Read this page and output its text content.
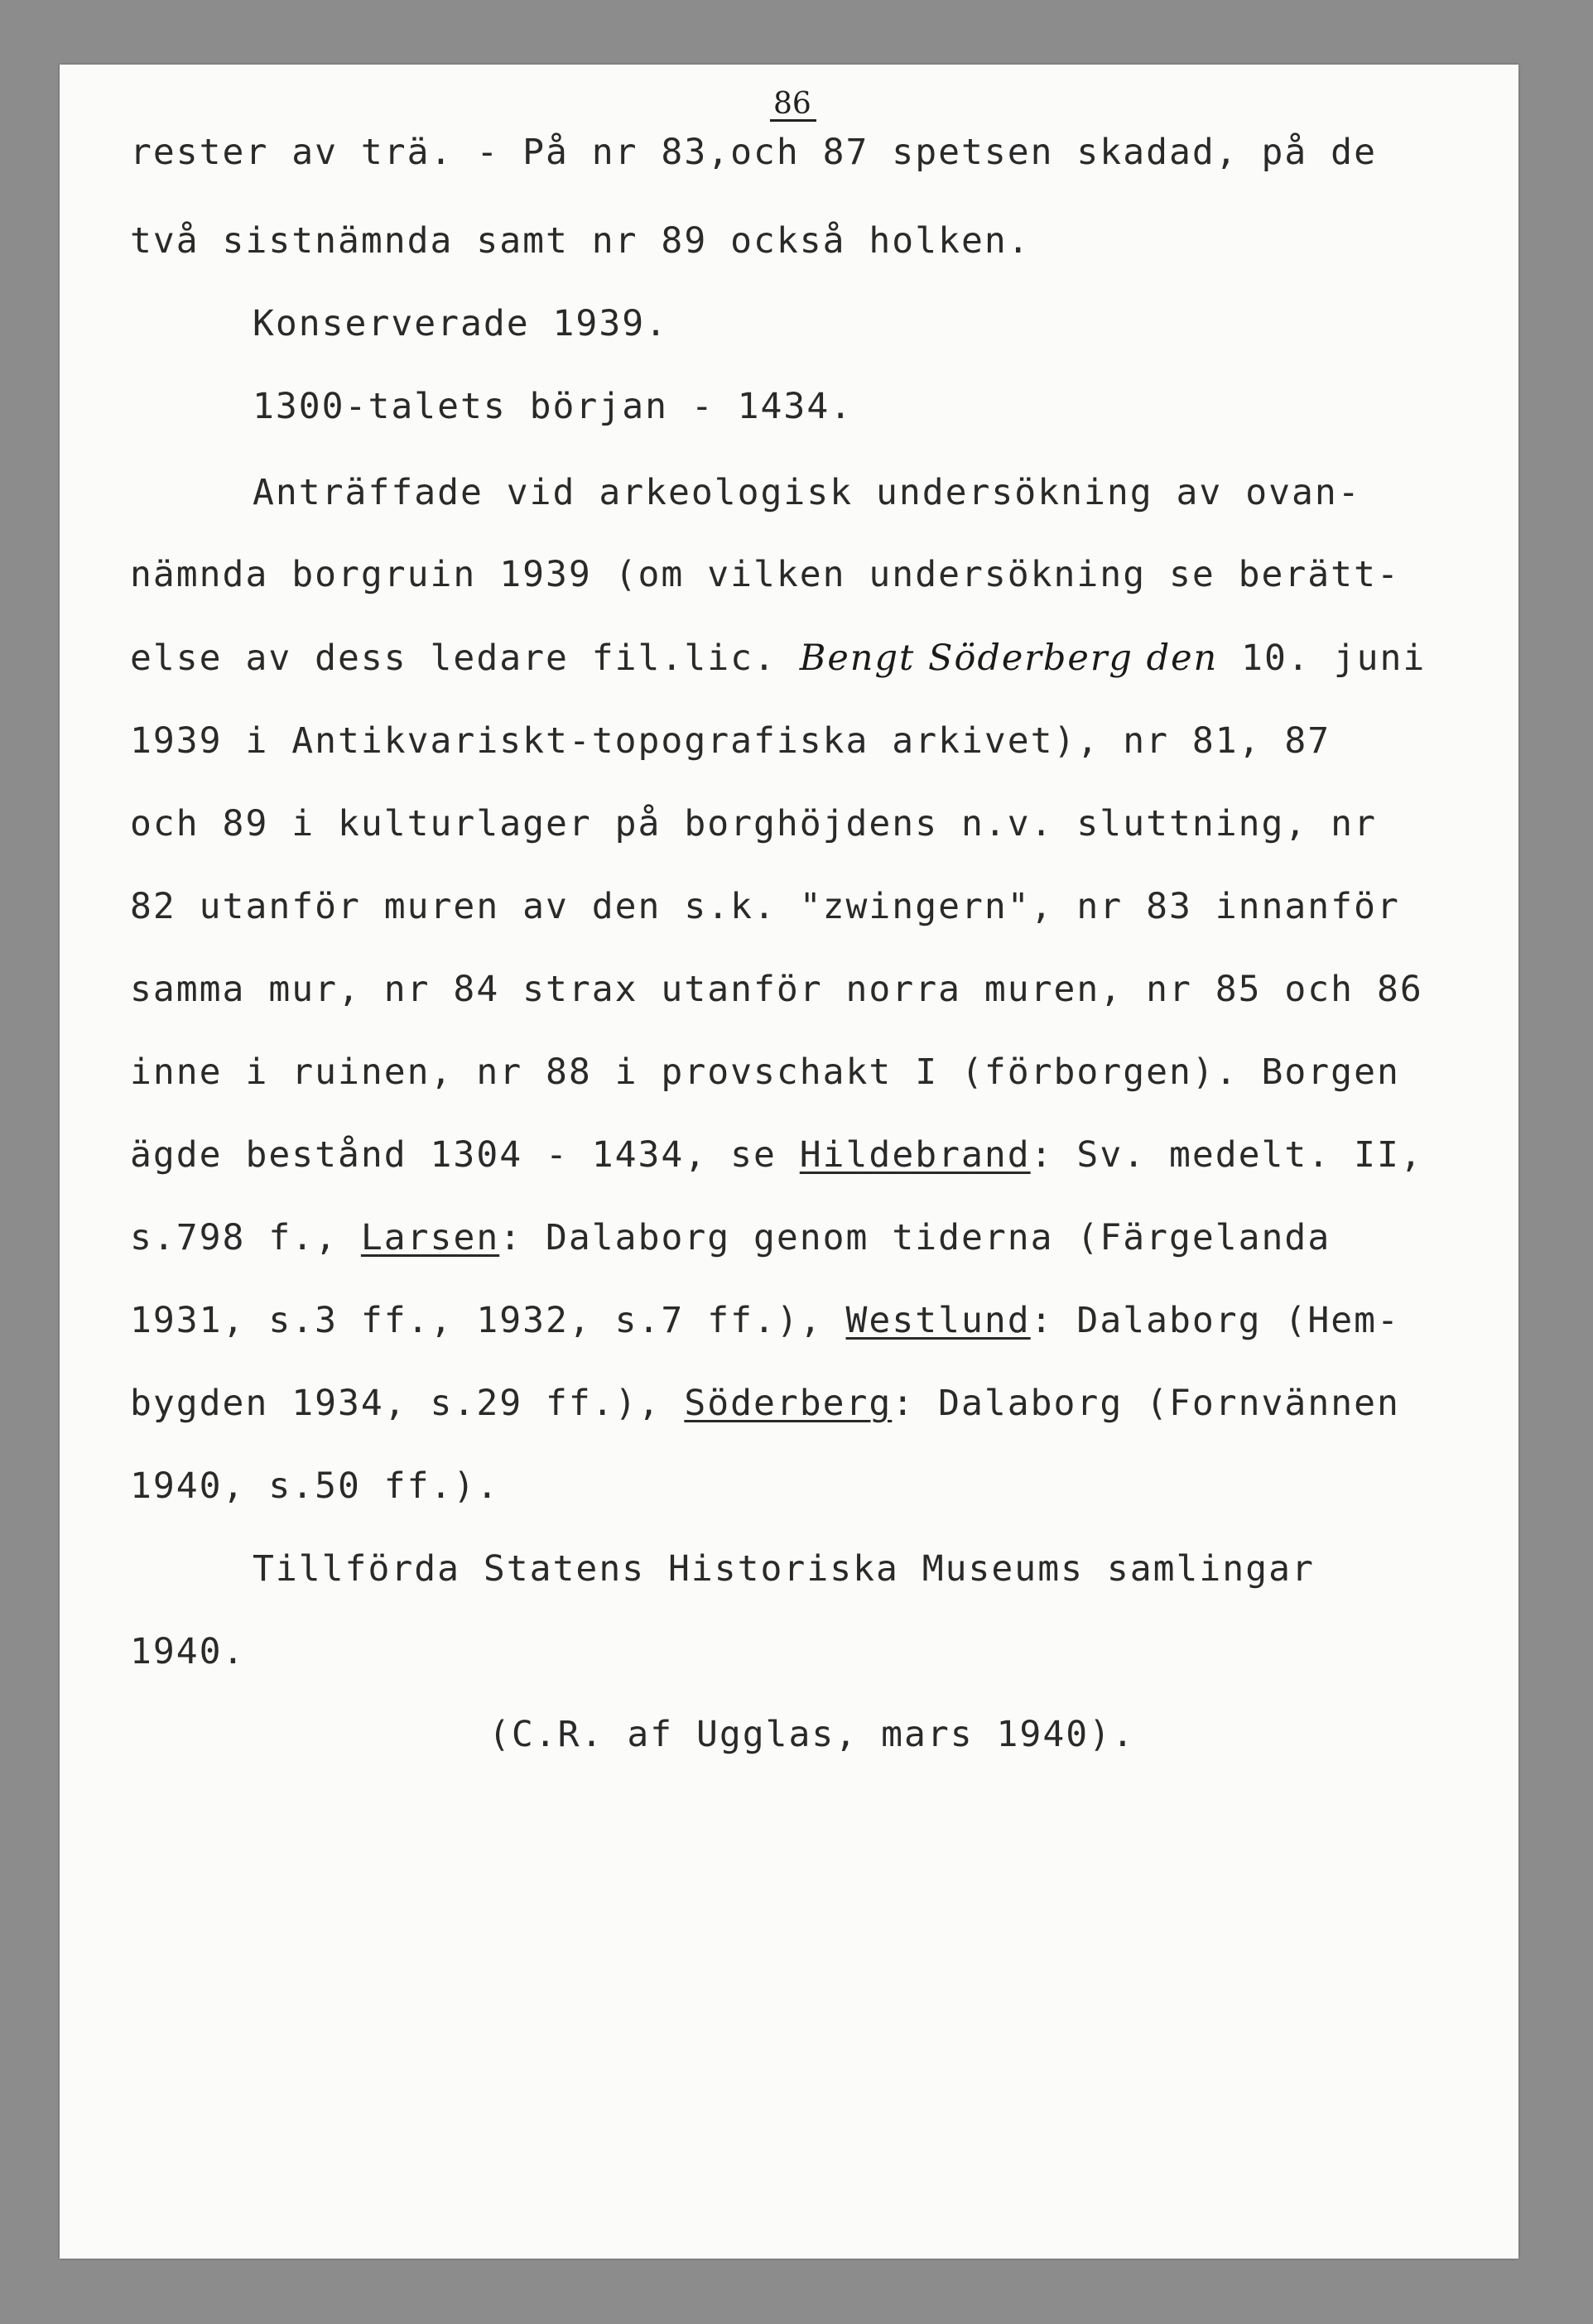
86
rester av trä. - På nr 83,och 87 spetsen skadad, på de
två sistnämnda samt nr 89 också holken.
Konserverade 1939.
1300-talets början - 1434.
Anträffade vid arkeologisk undersökning av ovan-
nämnda borgruin 1939 (om vilken undersökning se berätt-
else av dess ledare fil.lic. Bengt Söderberg den 10. juni
1939 i Antikvariskt-topografiska arkivet), nr 81, 87
och 89 i kulturlager på borghöjdens n.v. sluttning, nr
82 utanför muren av den s.k. "zwingern", nr 83 innanför
samma mur, nr 84 strax utanför norra muren, nr 85 och 86
inne i ruinen, nr 88 i provschakt I (förborgen). Borgen
ägde bestånd 1304 - 1434, se Hildebrand: Sv. medelt. II,
s.798 f., Larsen: Dalaborg genom tiderna (Färgelanda
1931, s.3 ff., 1932, s.7 ff.), Westlund: Dalaborg (Hem-
bygden 1934, s.29 ff.), Söderberg: Dalaborg (Fornvännen
1940, s.50 ff.).
Tillförda Statens Historiska Museums samlingar
1940.
(C.R. af Ugglas, mars 1940).
